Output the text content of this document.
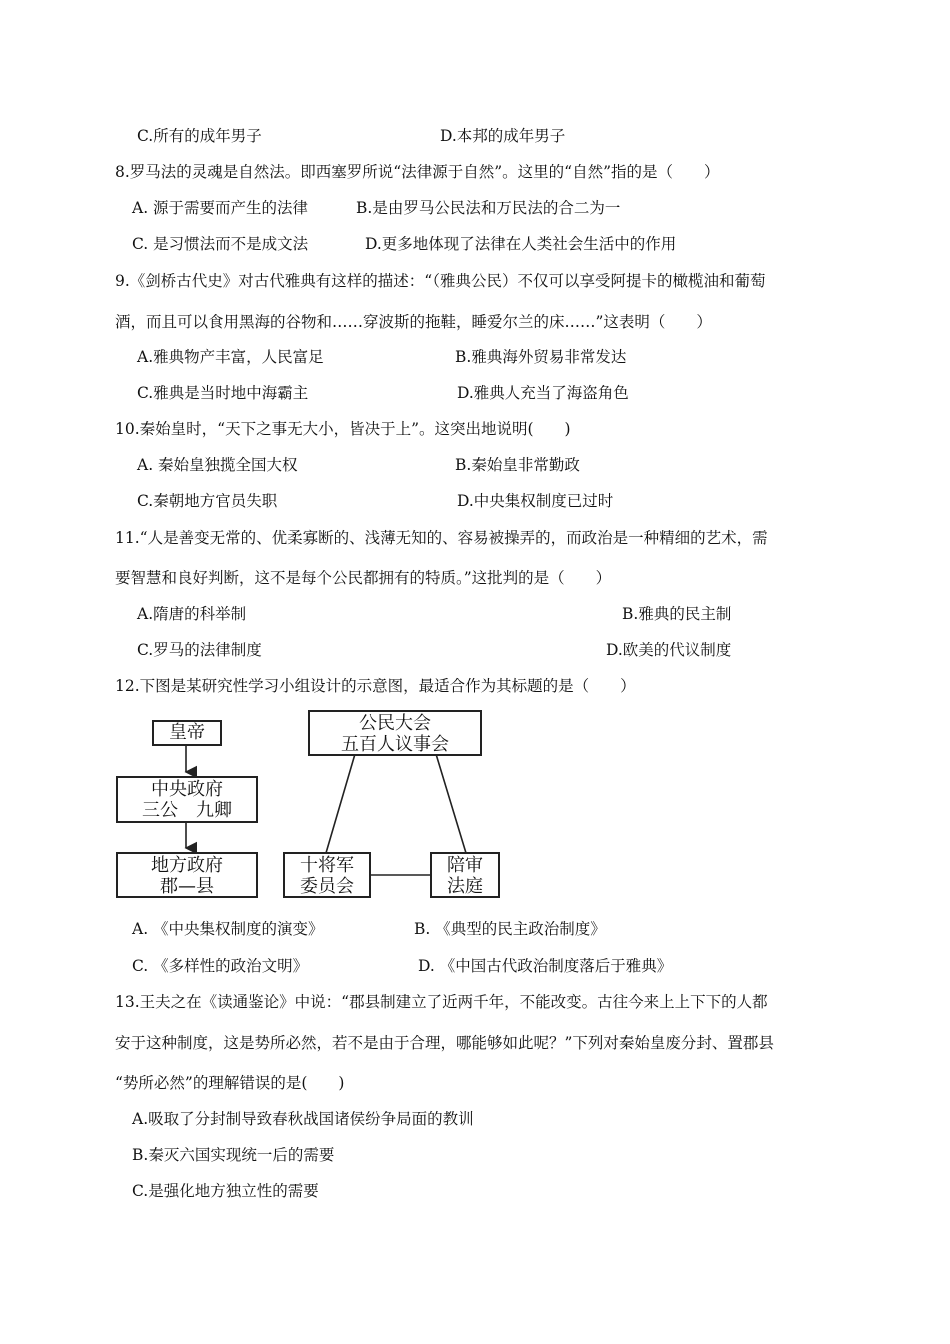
C.所有的成年男子	D.本邦的成年男子
8.罗马法的灵魂是自然法。即西塞罗所说“法律源于自然”。这里的“自然”指的是（　　）
A. 源于需要而产生的法律	B.是由罗马公民法和万民法的合二为一
C. 是习惯法而不是成文法	D.更多地体现了法律在人类社会生活中的作用
9.《剑桥古代史》对古代雅典有这样的描述：“（雅典公民）不仅可以享受阿提卡的橄榄油和葡萄
酒，而且可以食用黑海的谷物和……穿波斯的拖鞋，睡爱尔兰的床……”这表明（　　）
A.雅典物产丰富，人民富足	B.雅典海外贸易非常发达
C.雅典是当时地中海霸主	D.雅典人充当了海盗角色
10.秦始皇时，“天下之事无大小，皆决于上”。这突出地说明(　　)
A. 秦始皇独揽全国大权	B.秦始皇非常勤政
C.秦朝地方官员失职	D.中央集权制度已过时
11.“人是善变无常的、优柔寡断的、浅薄无知的、容易被操弄的，而政治是一种精细的艺术，需
要智慧和良好判断，这不是每个公民都拥有的特质。”这批判的是（　　）
A.隋唐的科举制	B.雅典的民主制
C.罗马的法律制度	D.欧美的代议制度
12.下图是某研究性学习小组设计的示意图，最适合作为其标题的是（　　）
皇帝
中央政府
三公　九卿
地方政府
郡—县
公民大会
五百人议事会
十将军
委员会
陪审
法庭
A. 《中央集权制度的演变》	B. 《典型的民主政治制度》
C. 《多样性的政治文明》	D. 《中国古代政治制度落后于雅典》
13.王夫之在《读通鉴论》中说：“郡县制建立了近两千年，不能改变。古往今来上上下下的人都
安于这种制度，这是势所必然，若不是由于合理，哪能够如此呢？”下列对秦始皇废分封、置郡县
“势所必然”的理解错误的是(　　)
A.吸取了分封制导致春秋战国诸侯纷争局面的教训
B.秦灭六国实现统一后的需要
C.是强化地方独立性的需要
